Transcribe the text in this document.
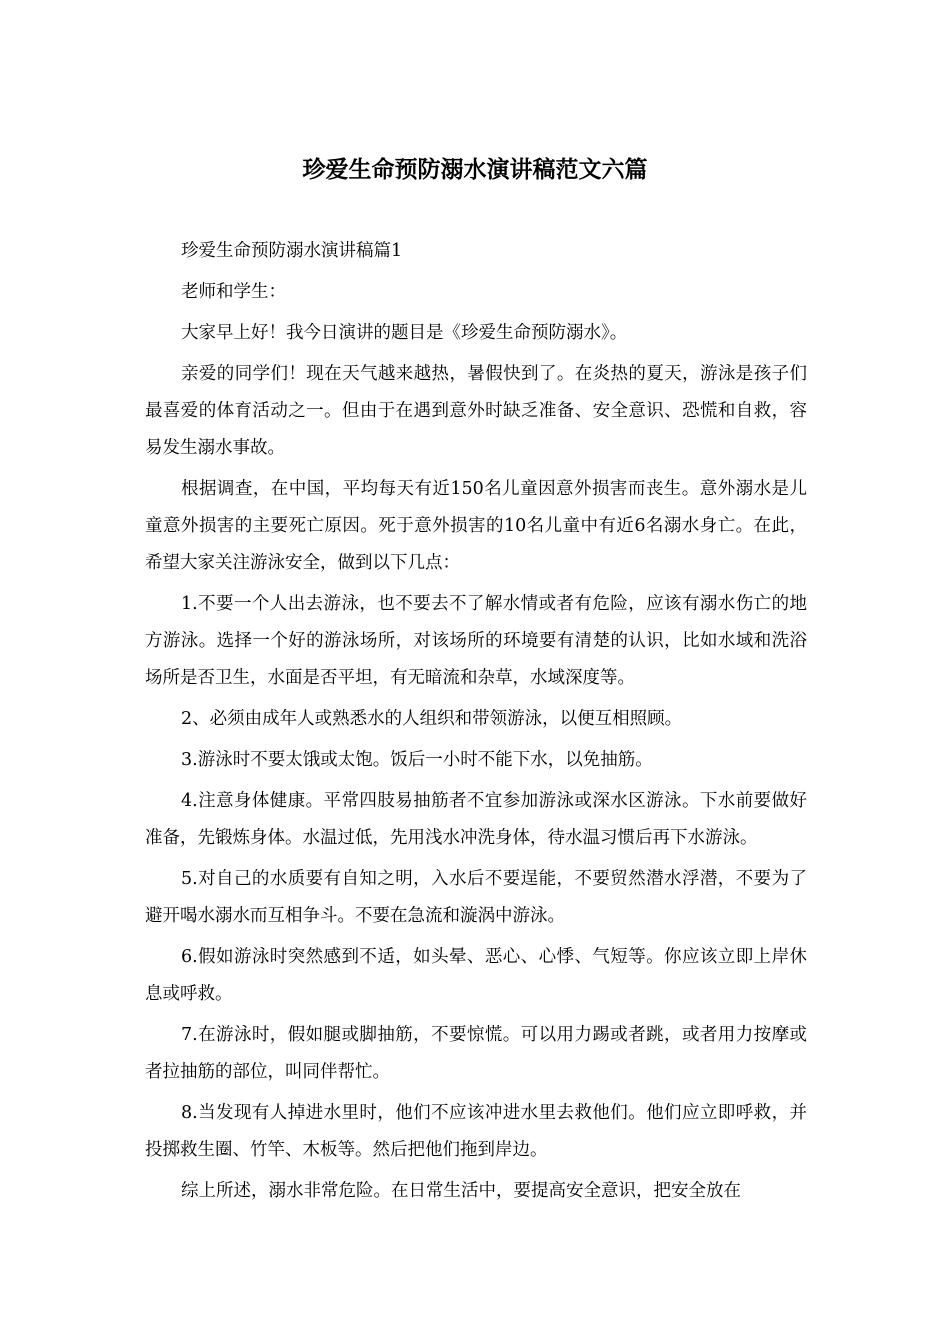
珍爱生命预防溺水演讲稿范文六篇

珍爱生命预防溺水演讲稿篇1

老师和学生：

大家早上好！我今日演讲的题目是《珍爱生命预防溺水》。

亲爱的同学们！现在天气越来越热，暑假快到了。在炎热的夏天，游泳是孩子们最喜爱的体育活动之一。但由于在遇到意外时缺乏准备、安全意识、恐慌和自救，容易发生溺水事故。

根据调查，在中国，平均每天有近150名儿童因意外损害而丧生。意外溺水是儿童意外损害的主要死亡原因。死于意外损害的10名儿童中有近6名溺水身亡。在此，希望大家关注游泳安全，做到以下几点：

1.不要一个人出去游泳，也不要去不了解水情或者有危险，应该有溺水伤亡的地方游泳。选择一个好的游泳场所，对该场所的环境要有清楚的认识，比如水域和洗浴场所是否卫生，水面是否平坦，有无暗流和杂草，水域深度等。

2、必须由成年人或熟悉水的人组织和带领游泳，以便互相照顾。

3.游泳时不要太饿或太饱。饭后一小时不能下水，以免抽筋。

4.注意身体健康。平常四肢易抽筋者不宜参加游泳或深水区游泳。下水前要做好准备，先锻炼身体。水温过低，先用浅水冲洗身体，待水温习惯后再下水游泳。

5.对自己的水质要有自知之明，入水后不要逞能，不要贸然潜水浮潜，不要为了避开喝水溺水而互相争斗。不要在急流和漩涡中游泳。

6.假如游泳时突然感到不适，如头晕、恶心、心悸、气短等。你应该立即上岸休息或呼救。

7.在游泳时，假如腿或脚抽筋，不要惊慌。可以用力踢或者跳，或者用力按摩或者拉抽筋的部位，叫同伴帮忙。

8.当发现有人掉进水里时，他们不应该冲进水里去救他们。他们应立即呼救，并投掷救生圈、竹竿、木板等。然后把他们拖到岸边。

综上所述，溺水非常危险。在日常生活中，要提高安全意识，把安全放在
